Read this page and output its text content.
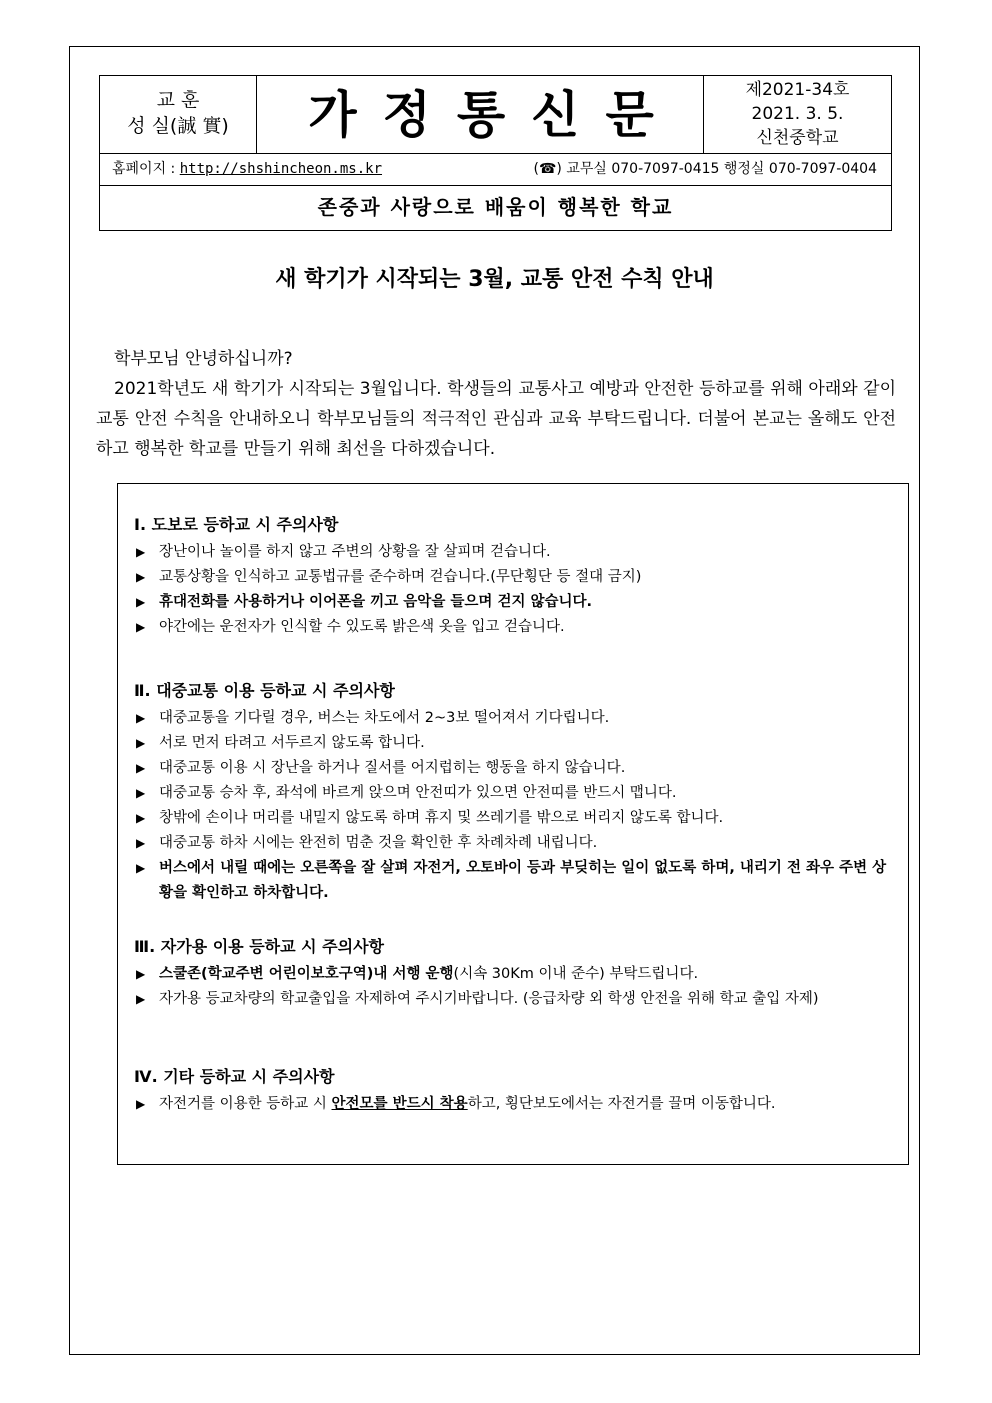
교 훈
성 실(誠 實)	가정통신문	제2021-34호
2021. 3. 5.
신천중학교
홈페이지 : http://shshincheon.ms.kr	(☎) 교무실 070-7097-0415 행정실 070-7097-0404
존중과 사랑으로 배움이 행복한 학교
새 학기가 시작되는 3월, 교통 안전 수칙 안내

학부모님 안녕하십니까?

2021학년도 새 학기가 시작되는 3월입니다. 학생들의 교통사고 예방과 안전한 등하교를 위해 아래와 같이 교통 안전 수칙을 안내하오니 학부모님들의 적극적인 관심과 교육 부탁드립니다. 더불어 본교는 올해도 안전하고 행복한 학교를 만들기 위해 최선을 다하겠습니다.

Ⅰ. 도보로 등하교 시 주의사항
▶ 장난이나 놀이를 하지 않고 주변의 상황을 잘 살피며 걷습니다.
▶ 교통상황을 인식하고 교통법규를 준수하며 걷습니다.(무단횡단 등 절대 금지)
▶ 휴대전화를 사용하거나 이어폰을 끼고 음악을 들으며 걷지 않습니다.
▶ 야간에는 운전자가 인식할 수 있도록 밝은색 옷을 입고 걷습니다.
Ⅱ. 대중교통 이용 등하교 시 주의사항
▶ 대중교통을 기다릴 경우, 버스는 차도에서 2~3보 떨어져서 기다립니다.
▶ 서로 먼저 타려고 서두르지 않도록 합니다.
▶ 대중교통 이용 시 장난을 하거나 질서를 어지럽히는 행동을 하지 않습니다.
▶ 대중교통 승차 후, 좌석에 바르게 앉으며 안전띠가 있으면 안전띠를 반드시 맵니다.
▶ 창밖에 손이나 머리를 내밀지 않도록 하며 휴지 및 쓰레기를 밖으로 버리지 않도록 합니다.
▶ 대중교통 하차 시에는 완전히 멈춘 것을 확인한 후 차례차례 내립니다.
▶ 버스에서 내릴 때에는 오른쪽을 잘 살펴 자전거, 오토바이 등과 부딪히는 일이 없도록 하며, 내리기 전 좌우 주변 상황을 확인하고 하차합니다.
Ⅲ. 자가용 이용 등하교 시 주의사항
▶ 스쿨존(학교주변 어린이보호구역)내 서행 운행(시속 30Km 이내 준수) 부탁드립니다.
▶ 자가용 등교차량의 학교출입을 자제하여 주시기바랍니다. (응급차량 외 학생 안전을 위해 학교 출입 자제)
Ⅳ. 기타 등하교 시 주의사항
▶ 자전거를 이용한 등하교 시 안전모를 반드시 착용하고, 횡단보도에서는 자전거를 끌며 이동합니다.
